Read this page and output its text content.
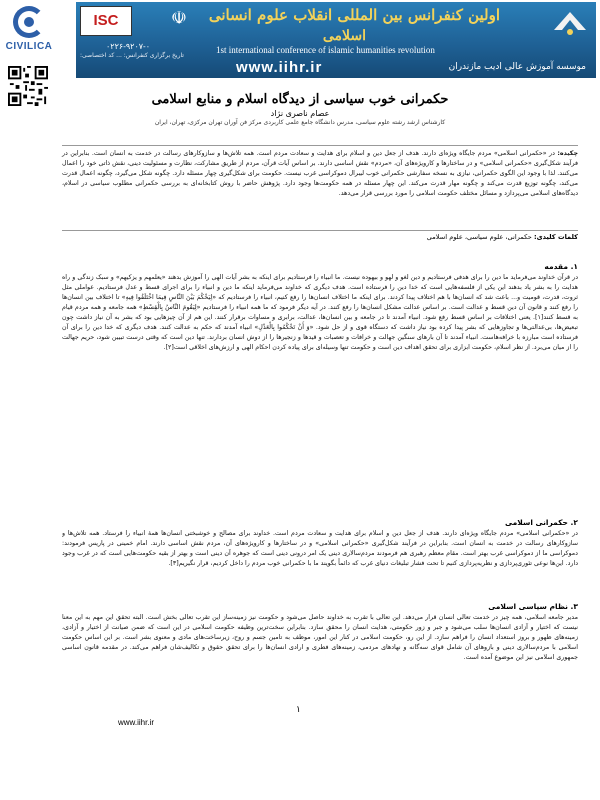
CIVILICA
ISC	☫ اولین کنفرانس بین المللی انقلاب علوم انسانی
اسلامی
1st international conference of islamic humanities revolution
۰۲۲۶-۹۲۰۷-۰
تاریخ برگزاری کنفرانس: ... کد اختصاصی:
www.iihr.ir	موسسه آموزش عالی ادیب مازندران
حکمرانی خوب سیاسی از دیدگاه اسلام و منابع اسلامی
عصام ناصری نژاد
کارشناس ارشد رشته علوم سیاسی، مدرس دانشگاه جامع علمی کاربردی مرکز فن آوران تهران مرکزی، تهران، ایران

چکیده: در «حکمرانی اسلامی» مردم جایگاه ویژه‌ای دارند. هدف از جعل دین و اسلام برای هدایت و سعادت مردم است. همه تلاش‌ها و سازوکارهای رسالت در خدمت به انسان است. بنابراین در فرآیند شکل‌گیری «حکمرانی اسلامی» و در ساختارها و کارویژه‌های آن، «مردم» نقش اساسی دارند. بر اساس آیات قرآن، مردم از طریق مشارکت، نظارت و مسئولیت دینی، نقش ذاتی خود را اعمال می‌کنند. لذا با وجود این الگوی حکمرانی، نیازی به نسخه سفارشی حکمرانی خوب لیبرال دموکراسی غرب نیست. حکومت برای شکل‌گیری چهار مسئله دارد. چگونه شکل می‌گیرد، چگونه اعمال قدرت می‌کند، چگونه توزیع قدرت می‌کند و چگونه مهار قدرت می‌کند. این چهار مسئله در همه حکومت‌ها وجود دارد. پژوهش حاضر با روش کتابخانه‌ای به بررسی حکمرانی مطلوب سیاسی در اسلام، دیدگاه‌های اسلامی می‌پردازد و مسائل مختلف حکومت اسلامی را مورد بررسی قرار می‌دهد.

کلمات کلیدی: حکمرانی، علوم سیاسی، علوم اسلامی
۱. مقدمه

در قرآن خداوند می‌فرماید ما دین را برای هدفی فرستادیم و دین لغو و لهو و بیهوده نیست. ما انبیاء را فرستادیم برای اینکه به بشر آیات الهی را آموزش بدهند «یعلمهم و یزکیهم» و سبک زندگی و راه هدایت را به بشر یاد بدهند این یکی از فلسفه‌هایی است که خدا دین را فرستاده است. هدف دیگری که خداوند می‌فرماید اینکه ما دین و انبیاء را برای اجرای قسط و عدل فرستادیم. عواملی مثل ثروت، قدرت، قومیت و... باعث شد که انسان‌ها با هم اختلاف پیدا کردند. برای اینکه ما اختلاف انسان‌ها را رفع کنیم، انبیاء را فرستادیم که «لِیَحْکُمَ بَیْنَ النَّاسِ فِیمَا اخْتَلَفُوا فِیهِ» تا اختلاف بین انسان‌ها را رفع کنند و قانون آن دین قسط و عدالت است. بر اساس عدالت مشکل انسان‌ها را رفع کنند. در آیه دیگر فرمود که ما همه انبیاء را فرستادیم «لِیَقُومَ النَّاسُ بِالْقِسْطِ» همه جامعه و همه مردم قیام به قسط کنند[۱]. یعنی اختلافات بر اساس قسط رفع شود. انبیاء آمدند تا در جامعه و بین انسان‌ها، عدالت، برابری و مساوات برقرار کنند. این هم از آن چیزهایی بود که بشر به آن نیاز داشت چون تبعیض‌ها، بی‌عدالتی‌ها و تجاوزهایی که بشر پیدا کرده بود نیاز داشت که دستگاه قوی و از حل شود. «وَ أَنْ تَحْکُمُوا بِالْعَدْلِ» انبیاء آمدند که حکم به عدالت کنند. هدف دیگری که خدا دین را برای آن فرستاده است مبارزه با خرافه‌هاست. انبیاء آمدند تا آن بارهای سنگین جهالت و خرافات و تعصبات و قیدها و زنجیرها را از دوش انسان بردارند. تنها دین است که وقتی درست تبیین شود، حریم جهالت را از میان می‌برد. از نظر اسلام، حکومت ابزاری برای تحقق اهداف دین است و حکومت تنها وسیله‌ای برای پیاده کردن احکام الهی و ارزش‌های اخلاقی است[۲].

۲. حکمرانی اسلامی

در «حکمرانی اسلامی» مردم جایگاه ویژه‌ای دارند. هدف از جعل دین و اسلام برای هدایت و سعادت مردم است. خداوند برای مصالح و خوشبختی انسان‌ها همهٔ انبیاء را فرستاد. همه تلاش‌ها و سازوکارهای رسالت در خدمت به انسان است. بنابراین در فرآیند شکل‌گیری «حکمرانی اسلامی» و در ساختارها و کارویژه‌های آن، مردم نقش اساسی دارند. امام خمینی در پاریس فرمودند: دموکراسی ما از دموکراسی غرب بهتر است. مقام معظم رهبری هم فرمودند مردم‌سالاری دینی یک امر درونی دینی است که جوهره آن دینی است و بهتر از بقیه حکومت‌هایی است که در غرب وجود دارد. این‌ها نوعی تئوری‌پردازی و نظریه‌پردازی کنیم تا تحت فشار تبلیغات دنیای غرب که دائماً بگویند ما با حکمرانی خوب مردم را داخل کردیم، قرار نگیریم[۳].

۳. نظام سیاسی اسلامی

مدیر جامعه اسلامی، همه چیز در خدمت تعالی انسان قرار می‌دهد. این تعالی با تقرب به خداوند حاصل می‌شود و حکومت نیز زمینه‌ساز این تقرب تعالی بخش است. البته تحقق این مهم به این معنا نیست که اختیار و آزادی انسان‌ها سلب می‌شود و جبر و زور حکومتی، هدایت انسان را محقق سازد. بنابراین سخت‌ترین وظیفه حکومت اسلامی در این است که ضمن صیانت از اختیار و آزادی، زمینه‌های ظهور و بروز استعداد انسان را فراهم سازد. از این رو، حکومت اسلامی در کنار این امور، موظف به تامین جسم و روح، زیرساخت‌های مادی و معنوی بشر است. بر این اساس حکومت اسلامی با مردم‌سالاری دینی و بازوهای آن شامل قوای سه‌گانه و نهادهای مردمی، زمینه‌های فطری و ارادی انسان‌ها را برای تحقق حقوق و تکالیف‌شان فراهم می‌کند. در مقدمه قانون اساسی جمهوری اسلامی نیز این موضوع آمده است.

۱
www.iihr.ir
